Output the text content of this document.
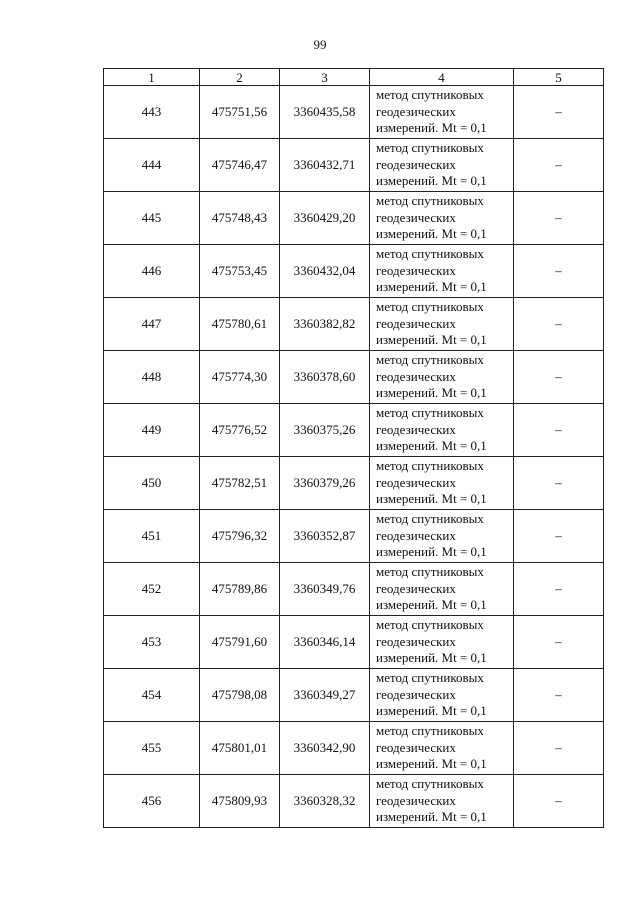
99
1	2	3	4	5
443	475751,56	3360435,58	метод спутниковых
геодезических
измерений. Mt = 0,1	–
444	475746,47	3360432,71	метод спутниковых
геодезических
измерений. Mt = 0,1	–
445	475748,43	3360429,20	метод спутниковых
геодезических
измерений. Mt = 0,1	–
446	475753,45	3360432,04	метод спутниковых
геодезических
измерений. Mt = 0,1	–
447	475780,61	3360382,82	метод спутниковых
геодезических
измерений. Mt = 0,1	–
448	475774,30	3360378,60	метод спутниковых
геодезических
измерений. Mt = 0,1	–
449	475776,52	3360375,26	метод спутниковых
геодезических
измерений. Mt = 0,1	–
450	475782,51	3360379,26	метод спутниковых
геодезических
измерений. Mt = 0,1	–
451	475796,32	3360352,87	метод спутниковых
геодезических
измерений. Mt = 0,1	–
452	475789,86	3360349,76	метод спутниковых
геодезических
измерений. Mt = 0,1	–
453	475791,60	3360346,14	метод спутниковых
геодезических
измерений. Mt = 0,1	–
454	475798,08	3360349,27	метод спутниковых
геодезических
измерений. Mt = 0,1	–
455	475801,01	3360342,90	метод спутниковых
геодезических
измерений. Mt = 0,1	–
456	475809,93	3360328,32	метод спутниковых
геодезических
измерений. Mt = 0,1	–
